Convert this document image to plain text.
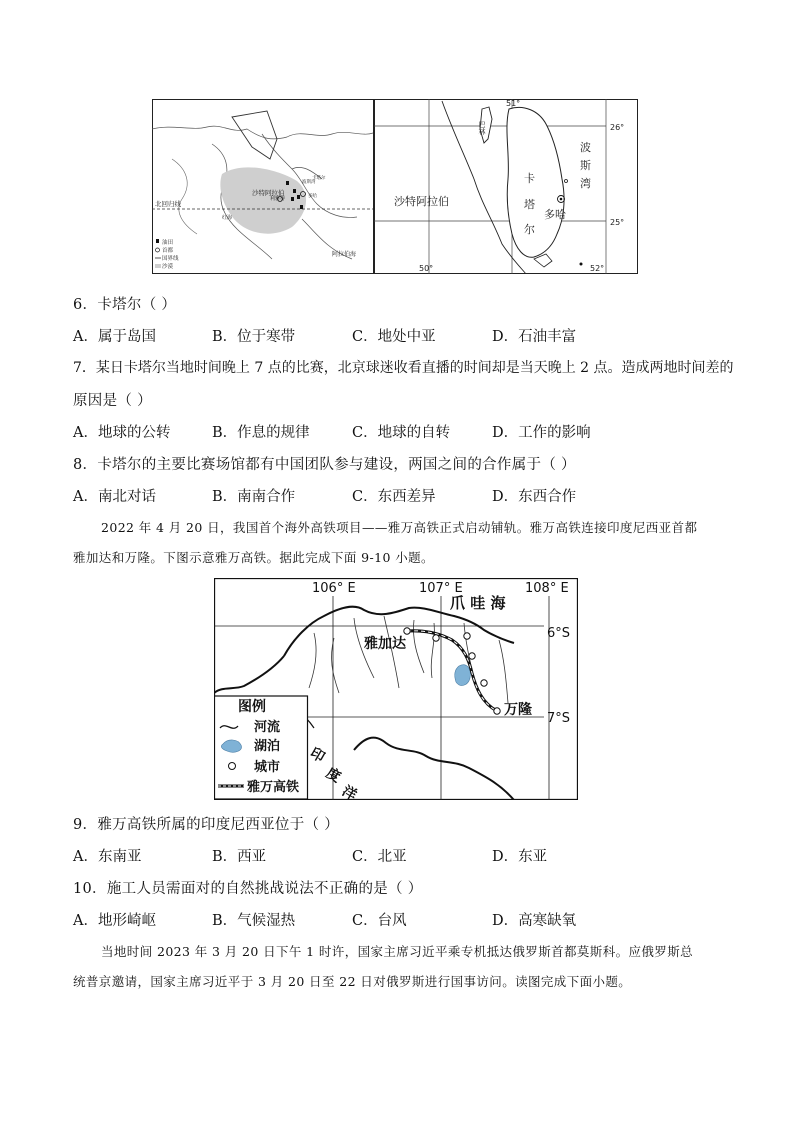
沙特阿拉伯
利雅得
北回归线
红海
波斯湾
卡塔尔
多哈
阿拉伯海
油田
首都
国界线
沙漠
51°
26°
25°
50°	52°
巴林
沙特阿拉伯
卡
塔
尔
波
斯
湾
多哈
6．卡塔尔（ ）
A．属于岛国	B．位于寒带	C．地处中亚	D．石油丰富
7．某日卡塔尔当地时间晚上 7 点的比赛，北京球迷收看直播的时间却是当天晚上 2 点。造成两地时间差的
原因是（ ）
A．地球的公转	B．作息的规律	C．地球的自转	D．工作的影响
8．卡塔尔的主要比赛场馆都有中国团队参与建设，两国之间的合作属于（ ）
A．南北对话	B．南南合作	C．东西差异	D．东西合作
2022 年 4 月 20 日，我国首个海外高铁项目——雅万高铁正式启动铺轨。雅万高铁连接印度尼西亚首都
雅加达和万隆。下图示意雅万高铁。据此完成下面 9-10 小题。
106° E	107° E	108° E
6°S
7°S
爪 哇 海
雅加达
万隆
印
度
洋
图例
河流
湖泊
城市
雅万高铁
9．雅万高铁所属的印度尼西亚位于（ ）
A．东南亚	B．西亚	C．北亚	D．东亚
10．施工人员需面对的自然挑战说法不正确的是（ ）
A．地形崎岖	B．气候湿热	C．台风	D．高寒缺氧
当地时间 2023 年 3 月 20 日下午 1 时许，国家主席习近平乘专机抵达俄罗斯首都莫斯科。应俄罗斯总
统普京邀请，国家主席习近平于 3 月 20 日至 22 日对俄罗斯进行国事访问。读图完成下面小题。
